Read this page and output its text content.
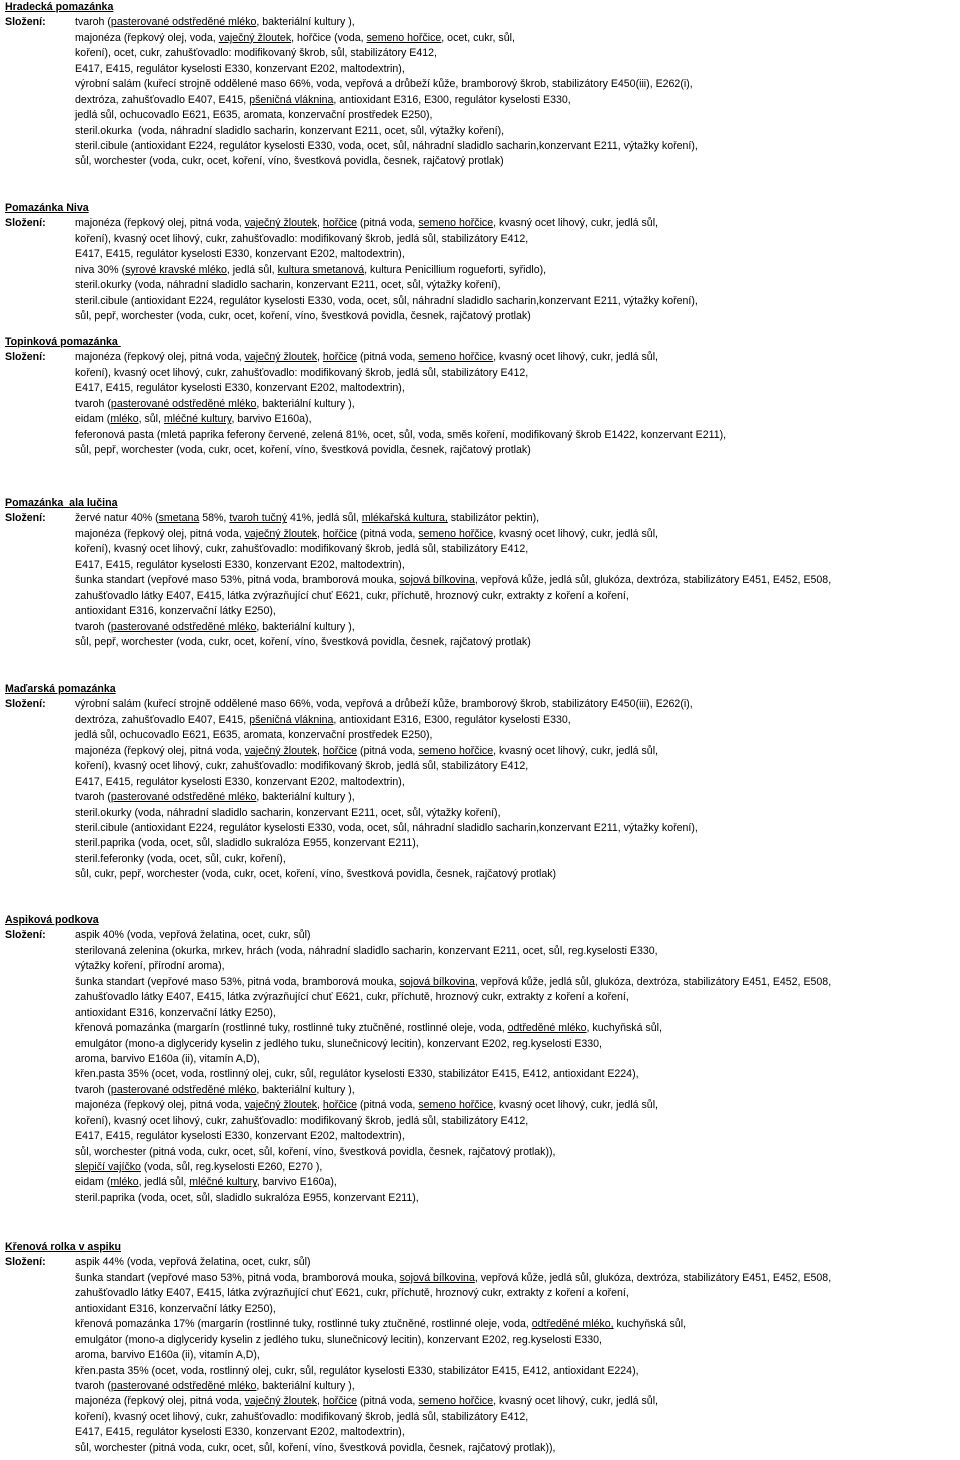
Hradecká pomazánka
Složení:	tvaroh (pasterované odstředěné mléko, bakteriální kultury ),
majonéza (řepkový olej, voda, vaječný žloutek, hořčice (voda, semeno hořčice, ocet, cukr, sůl,
koření), ocet, cukr, zahušťovadlo: modifikovaný škrob, sůl, stabilizátory E412,
E417, E415, regulátor kyselosti E330, konzervant E202, maltodextrin),
výrobní salám (kuřecí strojně oddělené maso 66%, voda, vepřová a drůbeží kůže, bramborový škrob, stabilizátory E450(iii), E262(i),
dextróza, zahušťovadlo E407, E415, pšeničná vláknina, antioxidant E316, E300, regulátor kyselosti E330,
jedlá sůl, ochucovadlo E621, E635, aromata, konzervační prostředek E250),
steril.okurka  (voda, náhradní sladidlo sacharin, konzervant E211, ocet, sůl, výtažky koření),
steril.cibule (antioxidant E224, regulátor kyselosti E330, voda, ocet, sůl, náhradní sladidlo sacharin,konzervant E211, výtažky koření),
sůl, worchester (voda, cukr, ocet, koření, víno, švestková povidla, česnek, rajčatový protlak)
Pomazánka Niva
Složení:	majonéza (řepkový olej, pitná voda, vaječný žloutek, hořčice (pitná voda, semeno hořčice, kvasný ocet lihový, cukr, jedlá sůl,
koření), kvasný ocet lihový, cukr, zahušťovadlo: modifikovaný škrob, jedlá sůl, stabilizátory E412,
E417, E415, regulátor kyselosti E330, konzervant E202, maltodextrin),
niva 30% (syrové kravské mléko, jedlá sůl, kultura smetanová, kultura Penicillium rogueforti, syřidlo),
steril.okurky (voda, náhradní sladidlo sacharin, konzervant E211, ocet, sůl, výtažky koření),
steril.cibule (antioxidant E224, regulátor kyselosti E330, voda, ocet, sůl, náhradní sladidlo sacharin,konzervant E211, výtažky koření),
sůl, pepř, worchester (voda, cukr, ocet, koření, víno, švestková povidla, česnek, rajčatový protlak)
Topinková pomazánka
Složení:	majonéza (řepkový olej, pitná voda, vaječný žloutek, hořčice (pitná voda, semeno hořčice, kvasný ocet lihový, cukr, jedlá sůl,
koření), kvasný ocet lihový, cukr, zahušťovadlo: modifikovaný škrob, jedlá sůl, stabilizátory E412,
E417, E415, regulátor kyselosti E330, konzervant E202, maltodextrin),
tvaroh (pasterované odstředěné mléko, bakteriální kultury ),
eidam (mléko, sůl, mléčné kultury, barvivo E160a),
feferonová pasta (mletá paprika feferony červené, zelená 81%, ocet, sůl, voda, směs koření, modifikovaný škrob E1422, konzervant E211),
sůl, pepř, worchester (voda, cukr, ocet, koření, víno, švestková povidla, česnek, rajčatový protlak)
Pomazánka  ala lučina
Složení:	žervé natur 40% (smetana 58%, tvaroh tučný 41%, jedlá sůl, mlékařská kultura, stabilizátor pektin),
majonéza (řepkový olej, pitná voda, vaječný žloutek, hořčice (pitná voda, semeno hořčice, kvasný ocet lihový, cukr, jedlá sůl,
koření), kvasný ocet lihový, cukr, zahušťovadlo: modifikovaný škrob, jedlá sůl, stabilizátory E412,
E417, E415, regulátor kyselosti E330, konzervant E202, maltodextrin),
šunka standart (vepřové maso 53%, pitná voda, bramborová mouka, sojová bílkovina, vepřová kůže, jedlá sůl, glukóza, dextróza, stabilizátory E451, E452, E508,
zahušťovadlo látky E407, E415, látka zvýrazňující chuť E621, cukr, příchutě, hroznový cukr, extrakty z koření a koření,
antioxidant E316, konzervační látky E250),
tvaroh (pasterované odstředěné mléko, bakteriální kultury ),
sůl, pepř, worchester (voda, cukr, ocet, koření, víno, švestková povidla, česnek, rajčatový protlak)
Maďarská pomazánka
Složení:	výrobní salám (kuřecí strojně oddělené maso 66%, voda, vepřová a drůbeží kůže, bramborový škrob, stabilizátory E450(iii), E262(i),
dextróza, zahušťovadlo E407, E415, pšeničná vláknina, antioxidant E316, E300, regulátor kyselosti E330,
jedlá sůl, ochucovadlo E621, E635, aromata, konzervační prostředek E250),
majonéza (řepkový olej, pitná voda, vaječný žloutek, hořčice (pitná voda, semeno hořčice, kvasný ocet lihový, cukr, jedlá sůl,
koření), kvasný ocet lihový, cukr, zahušťovadlo: modifikovaný škrob, jedlá sůl, stabilizátory E412,
E417, E415, regulátor kyselosti E330, konzervant E202, maltodextrin),
tvaroh (pasterované odstředěné mléko, bakteriální kultury ),
steril.okurky (voda, náhradní sladidlo sacharin, konzervant E211, ocet, sůl, výtažky koření),
steril.cibule (antioxidant E224, regulátor kyselosti E330, voda, ocet, sůl, náhradní sladidlo sacharin,konzervant E211, výtažky koření),
steril.paprika (voda, ocet, sůl, sladidlo sukralóza E955, konzervant E211),
steril.feferonky (voda, ocet, sůl, cukr, koření),
sůl, cukr, pepř, worchester (voda, cukr, ocet, koření, víno, švestková povidla, česnek, rajčatový protlak)
Aspiková podkova
Složení:	aspik 40% (voda, vepřová želatina, ocet, cukr, sůl)
sterilovaná zelenina (okurka, mrkev, hrách (voda, náhradní sladidlo sacharin, konzervant E211, ocet, sůl, reg.kyselosti E330,
výtažky koření, přírodní aroma),
šunka standart (vepřové maso 53%, pitná voda, bramborová mouka, sojová bílkovina, vepřová kůže, jedlá sůl, glukóza, dextróza, stabilizátory E451, E452, E508,
zahušťovadlo látky E407, E415, látka zvýrazňující chuť E621, cukr, příchutě, hroznový cukr, extrakty z koření a koření,
antioxidant E316, konzervační látky E250),
křenová pomazánka (margarín (rostlinné tuky, rostlinné tuky ztučněné, rostlinné oleje, voda, odtředěné mléko, kuchyňská sůl,
emulgátor (mono-a diglyceridy kyselin z jedlého tuku, slunečnicový lecitin), konzervant E202, reg.kyselosti E330,
aroma, barvivo E160a (ii), vitamín A,D),
křen.pasta 35% (ocet, voda, rostlinný olej, cukr, sůl, regulátor kyselosti E330, stabilizátor E415, E412, antioxidant E224),
tvaroh (pasterované odstředěné mléko, bakteriální kultury ),
majonéza (řepkový olej, pitná voda, vaječný žloutek, hořčice (pitná voda, semeno hořčice, kvasný ocet lihový, cukr, jedlá sůl,
koření), kvasný ocet lihový, cukr, zahušťovadlo: modifikovaný škrob, jedlá sůl, stabilizátory E412,
E417, E415, regulátor kyselosti E330, konzervant E202, maltodextrin),
sůl, worchester (pitná voda, cukr, ocet, sůl, koření, víno, švestková povidla, česnek, rajčatový protlak)),
slepičí vajíčko (voda, sůl, reg.kyselosti E260, E270 ),
eidam (mléko, jedlá sůl, mléčné kultury, barvivo E160a),
steril.paprika (voda, ocet, sůl, sladidlo sukralóza E955, konzervant E211),
Křenová rolka v aspiku
Složení:	aspik 44% (voda, vepřová želatina, ocet, cukr, sůl)
šunka standart (vepřové maso 53%, pitná voda, bramborová mouka, sojová bílkovina, vepřová kůže, jedlá sůl, glukóza, dextróza, stabilizátory E451, E452, E508,
zahušťovadlo látky E407, E415, látka zvýrazňující chuť E621, cukr, příchutě, hroznový cukr, extrakty z koření a koření,
antioxidant E316, konzervační látky E250),
křenová pomazánka 17% (margarín (rostlinné tuky, rostlinné tuky ztučněné, rostlinné oleje, voda, odtředěné mléko, kuchyňská sůl,
emulgátor (mono-a diglyceridy kyselin z jedlého tuku, slunečnicový lecitin), konzervant E202, reg.kyselosti E330,
aroma, barvivo E160a (ii), vitamín A,D),
křen.pasta 35% (ocet, voda, rostlinný olej, cukr, sůl, regulátor kyselosti E330, stabilizátor E415, E412, antioxidant E224),
tvaroh (pasterované odstředěné mléko, bakteriální kultury ),
majonéza (řepkový olej, pitná voda, vaječný žloutek, hořčice (pitná voda, semeno hořčice, kvasný ocet lihový, cukr, jedlá sůl,
koření), kvasný ocet lihový, cukr, zahušťovadlo: modifikovaný škrob, jedlá sůl, stabilizátory E412,
E417, E415, regulátor kyselosti E330, konzervant E202, maltodextrin),
sůl, worchester (pitná voda, cukr, ocet, sůl, koření, víno, švestková povidla, česnek, rajčatový protlak)),
